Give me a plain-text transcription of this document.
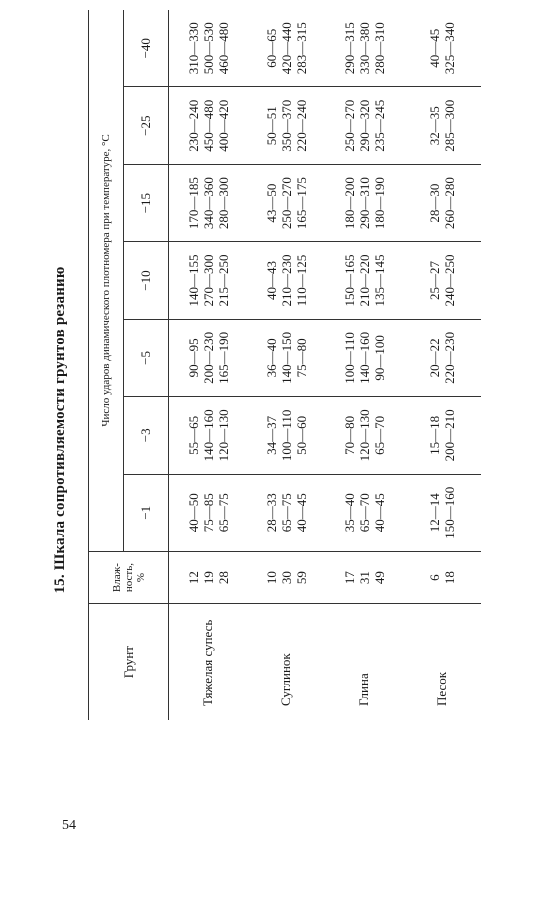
54
15. Шкала сопротивляемости грунтов резанию
Грунт	Влаж- ность, %	Число ударов динамического плотномера при температуре, °С						
		−1	−3	−5	−10	−15	−25	−40
Тяжелая супесь	12 19 28	40—50 75—85 65—75	55—65 140—160 120—130	90—95 200—230 165—190	140—155 270—300 215—250	170—185 340—360 280—300	230—240 450—480 400—420	310—330 500—530 460—480

Суглинок	10 30 59	28—33 65—75 40—45	34—37 100—110 50—60	36—40 140—150 75—80	40—43 210—230 110—125	43—50 250—270 165—175	50—51 350—370 220—240	60—65 420—440 283—315

Глина	17 31 49	35—40 65—70 40—45	70—80 120—130 65—70	100—110 140—160 90—100	150—165 210—220 135—145	180—200 290—310 180—190	250—270 290—320 235—245	290—315 330—380 280—310

Песок	6 18	12—14 150—160	15—18 200—210	20—22 220—230	25—27 240—250	28—30 260—280	32—35 285—300	40—45 325—340
